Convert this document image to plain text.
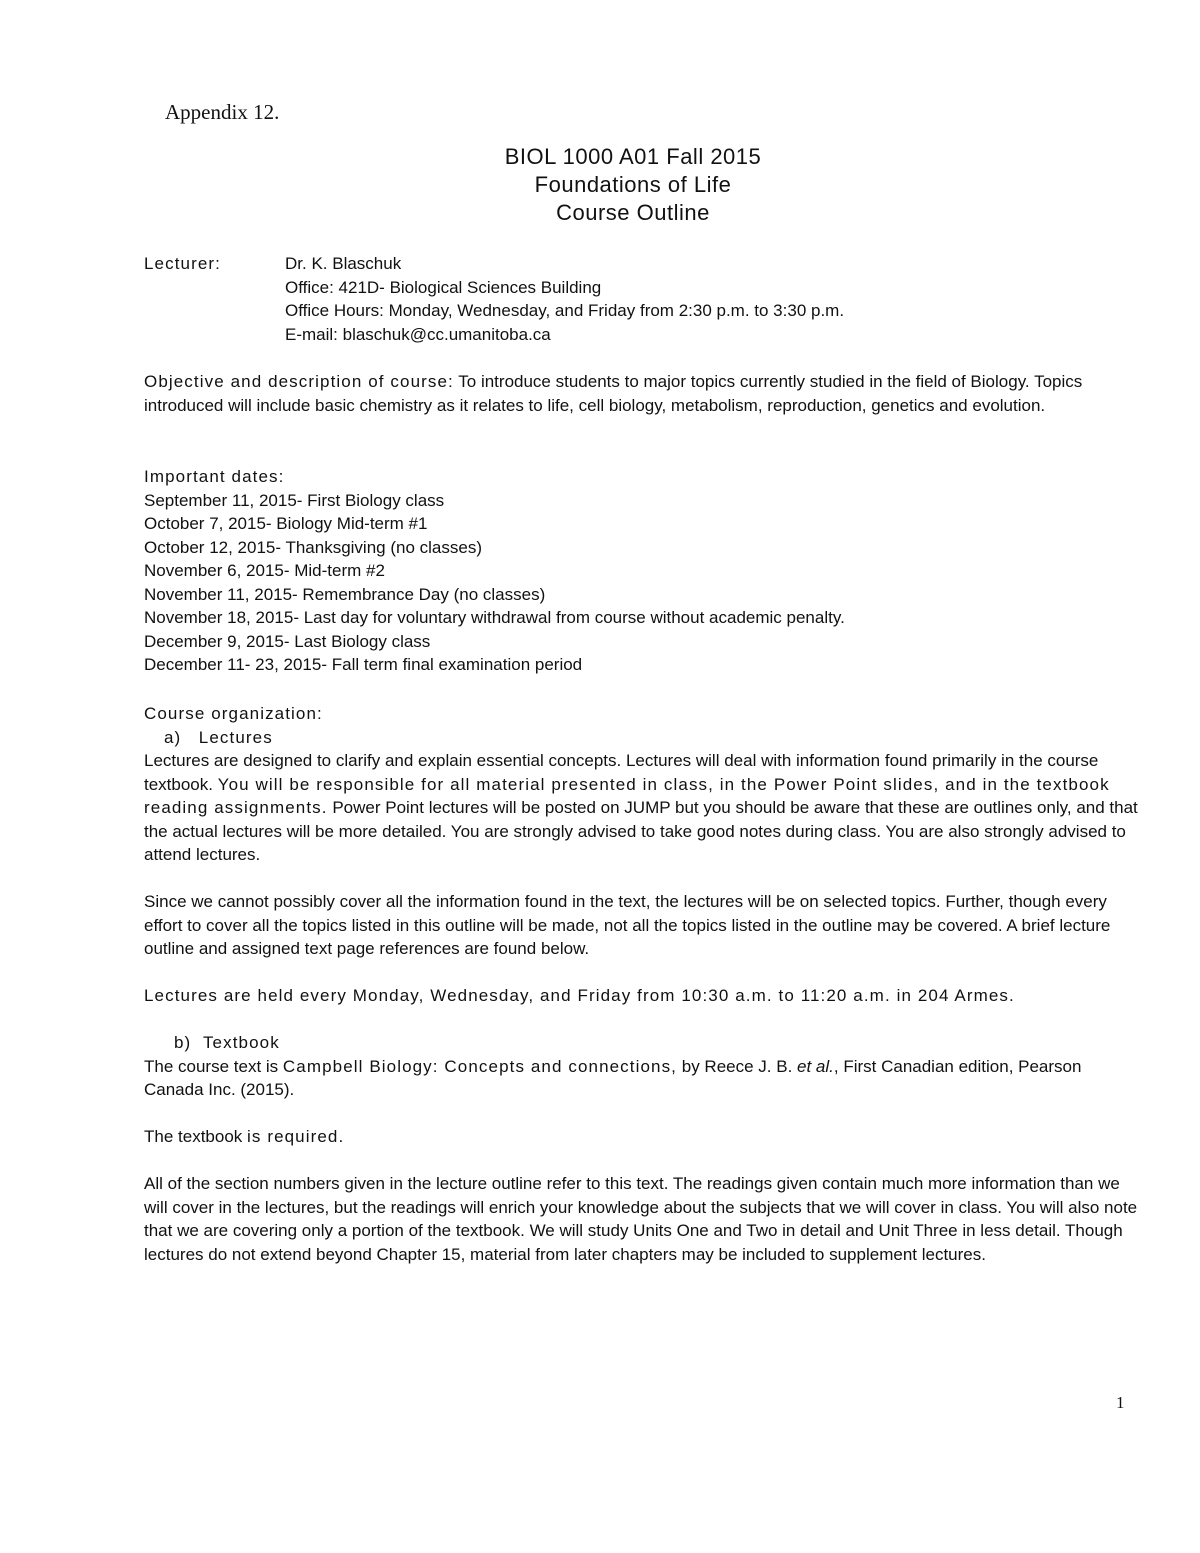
Appendix 12.
BIOL 1000 A01 Fall 2015
Foundations of Life
Course Outline
Lecturer:	Dr. K. Blaschuk
Office: 421D- Biological Sciences Building
Office Hours: Monday, Wednesday, and Friday from 2:30 p.m. to 3:30 p.m.
E-mail: blaschuk@cc.umanitoba.ca
Objective and description of course: To introduce students to major topics currently studied in the field of Biology. Topics introduced will include basic chemistry as it relates to life, cell biology, metabolism, reproduction, genetics and evolution.
Important dates:
September 11, 2015- First Biology class
October 7, 2015- Biology Mid-term #1
October 12, 2015- Thanksgiving (no classes)
November 6, 2015- Mid-term #2
November 11, 2015- Remembrance Day (no classes)
November 18, 2015- Last day for voluntary withdrawal from course without academic penalty.
December 9, 2015- Last Biology class
December 11- 23, 2015- Fall term final examination period
Course organization:
a)   Lectures
Lectures are designed to clarify and explain essential concepts. Lectures will deal with information found primarily in the course textbook. You will be responsible for all material presented in class, in the Power Point slides, and in the textbook reading assignments. Power Point lectures will be posted on JUMP but you should be aware that these are outlines only, and that the actual lectures will be more detailed. You are strongly advised to take good notes during class. You are also strongly advised to attend lectures.
Since we cannot possibly cover all the information found in the text, the lectures will be on selected topics. Further, though every effort to cover all the topics listed in this outline will be made, not all the topics listed in the outline may be covered. A brief lecture outline and assigned text page references are found below.
Lectures are held every Monday, Wednesday, and Friday from 10:30 a.m. to 11:20 a.m. in 204 Armes.
b)  Textbook
The course text is Campbell Biology: Concepts and connections, by Reece J. B. et al., First Canadian edition, Pearson Canada Inc. (2015).
The textbook is required.
All of the section numbers given in the lecture outline refer to this text. The readings given contain much more information than we will cover in the lectures, but the readings will enrich your knowledge about the subjects that we will cover in class. You will also note that we are covering only a portion of the textbook. We will study Units One and Two in detail and Unit Three in less detail. Though lectures do not extend beyond Chapter 15, material from later chapters may be included to supplement lectures.
1
